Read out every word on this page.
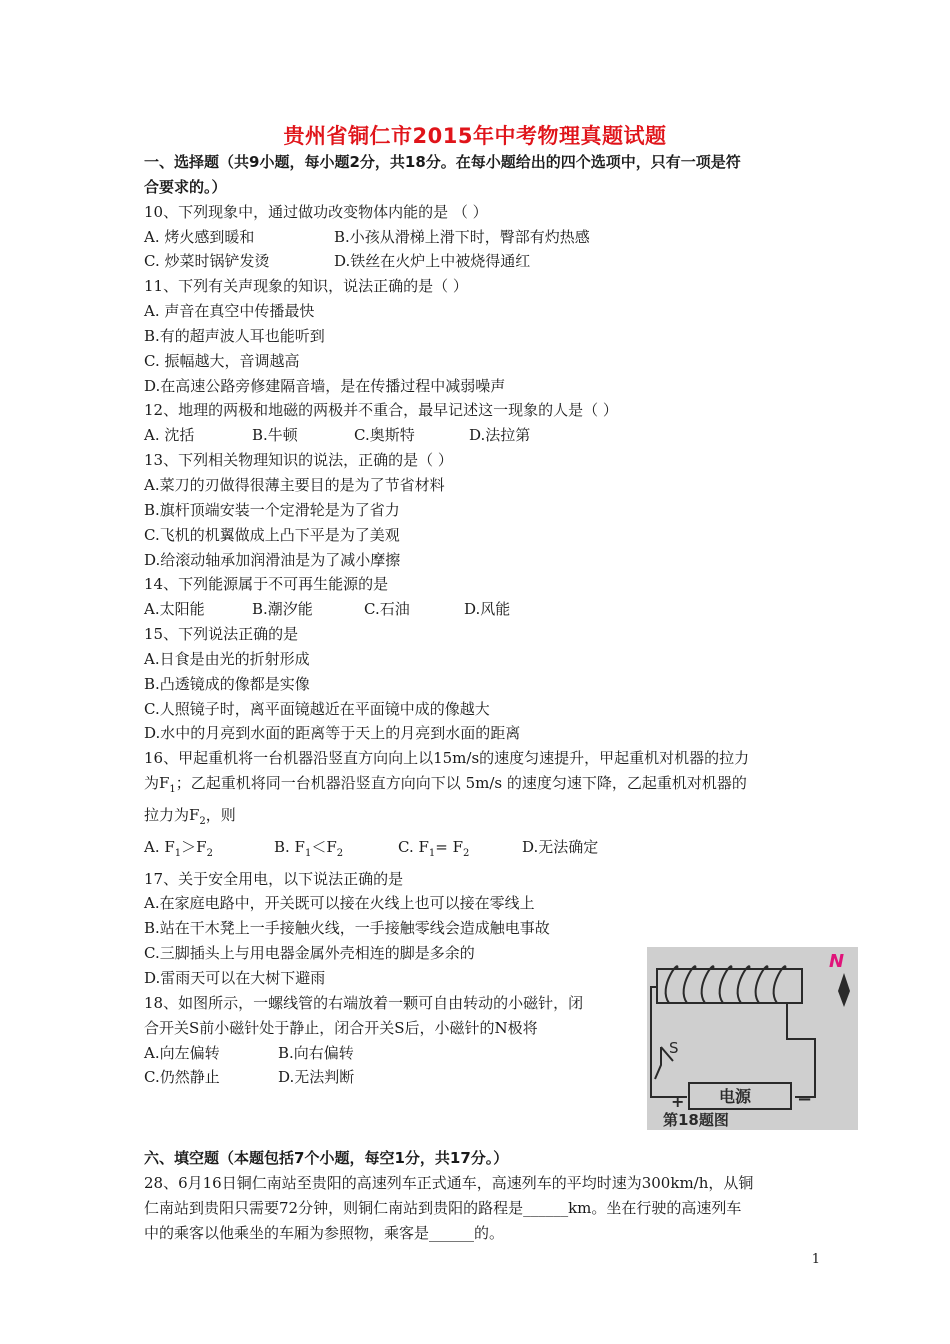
贵州省铜仁市2015年中考物理真题试题
一、选择题（共9小题，每小题2分，共18分。在每小题给出的四个选项中，只有一项是符
合要求的。）
10、下列现象中，通过做功改变物体内能的是 （ ）
A. 烤火感到暖和	B.小孩从滑梯上滑下时，臀部有灼热感
C. 炒菜时锅铲发烫	D.铁丝在火炉上中被烧得通红
11、下列有关声现象的知识，说法正确的是（ ）
A. 声音在真空中传播最快
B.有的超声波人耳也能听到
C. 振幅越大，音调越高
D.在高速公路旁修建隔音墙，是在传播过程中减弱噪声
12、地理的两极和地磁的两极并不重合，最早记述这一现象的人是（ ）
A. 沈括	B.牛顿	C.奥斯特	D.法拉第
13、下列相关物理知识的说法，正确的是（ ）
A.菜刀的刃做得很薄主要目的是为了节省材料
B.旗杆顶端安装一个定滑轮是为了省力
C.飞机的机翼做成上凸下平是为了美观
D.给滚动轴承加润滑油是为了减小摩擦
14、下列能源属于不可再生能源的是
A.太阳能	B.潮汐能	C.石油	D.风能
15、下列说法正确的是
A.日食是由光的折射形成
B.凸透镜成的像都是实像
C.人照镜子时，离平面镜越近在平面镜中成的像越大
D.水中的月亮到水面的距离等于天上的月亮到水面的距离
16、甲起重机将一台机器沿竖直方向向上以15m/s的速度匀速提升，甲起重机对机器的拉力
为$F_1$；乙起重机将同一台机器沿竖直方向向下以 5m/s 的速度匀速下降，乙起重机对机器的
拉力为$F_2$，则
A. $F_1>F_2$	B. $F_1<F_2$	C. $F_1= F_2$	D.无法确定
17、关于安全用电，以下说法正确的是
A.在家庭电路中，开关既可以接在火线上也可以接在零线上
B.站在干木凳上一手接触火线，一手接触零线会造成触电事故
C.三脚插头上与用电器金属外壳相连的脚是多余的
D.雷雨天可以在大树下避雨
18、如图所示，一螺线管的右端放着一颗可自由转动的小磁针，闭
合开关S前小磁针处于静止，闭合开关S后，小磁针的N极将
A.向左偏转	B.向右偏转
C.仍然静止	D.无法判断
六、填空题（本题包括7个小题，每空1分，共17分。）
28、6月16日铜仁南站至贵阳的高速列车正式通车，高速列车的平均时速为300km/h，从铜
仁南站到贵阳只需要72分钟，则铜仁南站到贵阳的路程是______km。坐在行驶的高速列车
中的乘客以他乘坐的车厢为参照物，乘客是______的。
S
电源
+	−
N
第18题图
1
